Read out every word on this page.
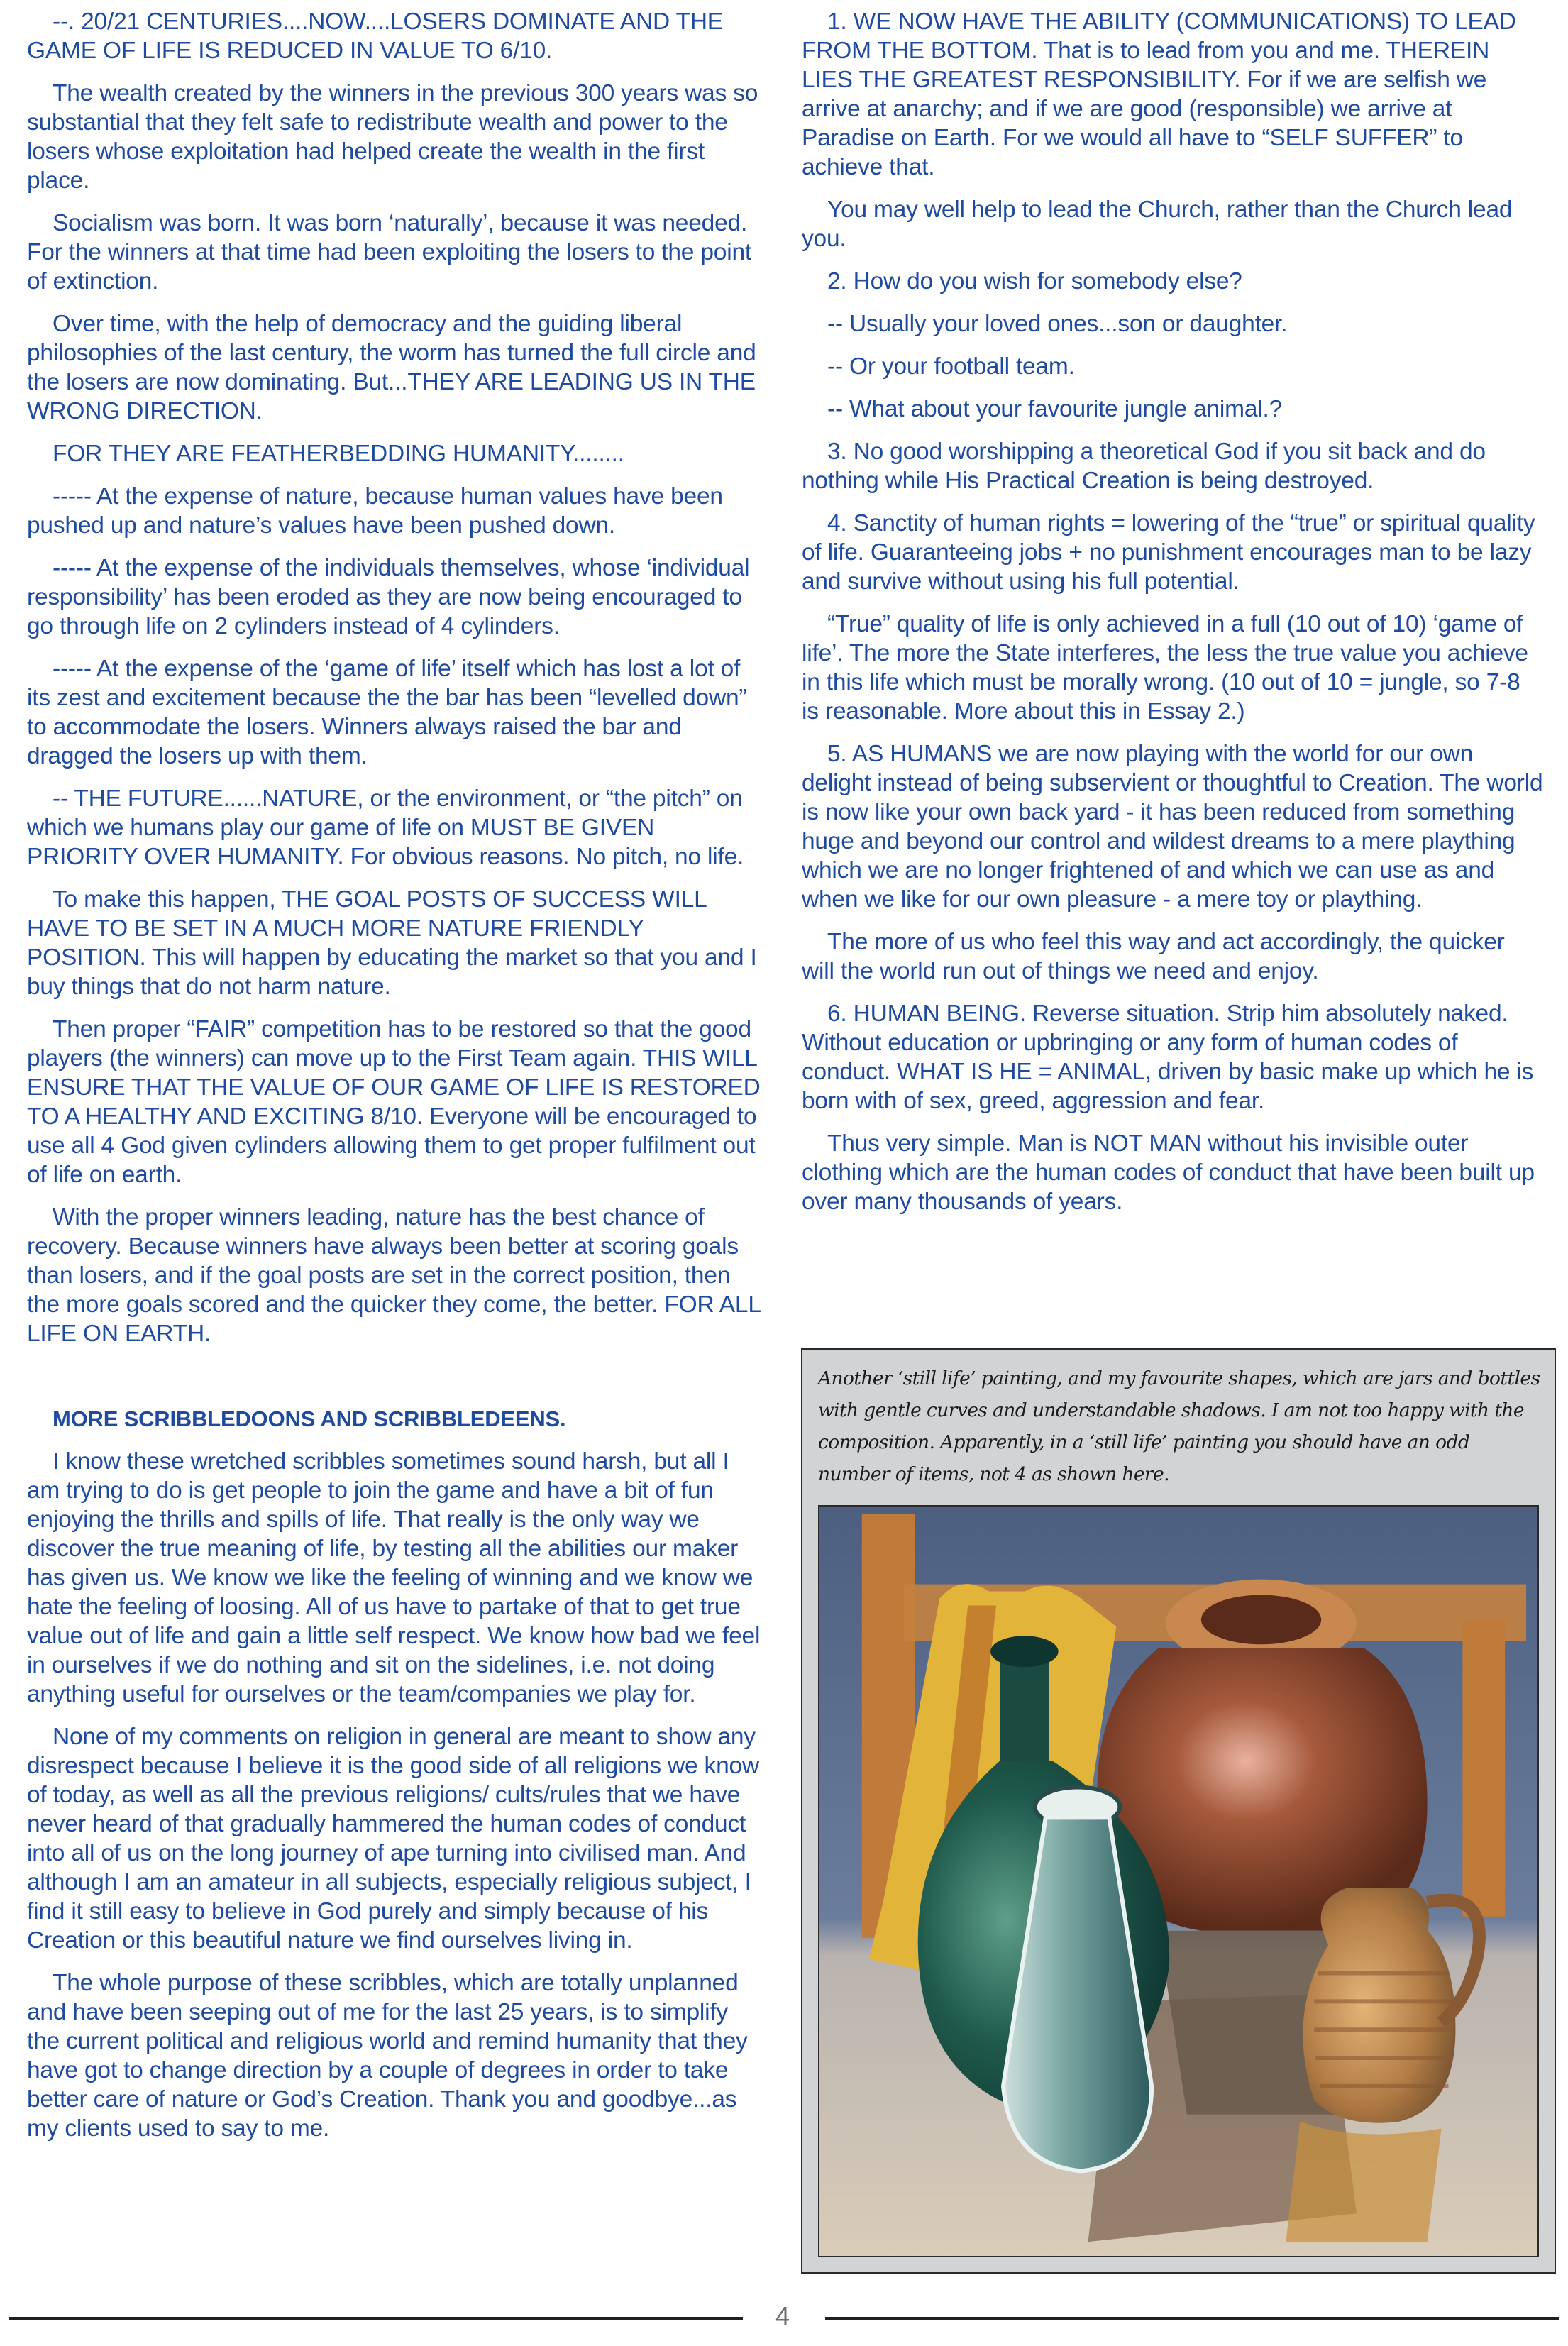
--. 20/21 CENTURIES....NOW....LOSERS DOMINATE AND THE GAME OF LIFE IS REDUCED IN VALUE TO 6/10.

The wealth created by the winners in the previous 300 years was so substantial that they felt safe to redistribute wealth and power to the losers whose exploitation had helped create the wealth in the first place.

Socialism was born. It was born ‘naturally’, because it was needed. For the winners at that time had been exploiting the losers to the point of extinction.

Over time, with the help of democracy and the guiding liberal philosophies of the last century, the worm has turned the full circle and the losers are now dominating. But...THEY ARE LEADING US IN THE WRONG DIRECTION.

FOR THEY ARE FEATHERBEDDING HUMANITY........

----- At the expense of nature, because human values have been pushed up and nature’s values have been pushed down.

----- At the expense of the individuals themselves, whose ‘individual responsibility’ has been eroded as they are now being encouraged to go through life on 2 cylinders instead of 4 cylinders.

----- At the expense of the ‘game of life’ itself which has lost a lot of its zest and excitement because the the bar has been “levelled down” to accommodate the losers. Winners always raised the bar and dragged the losers up with them.

-- THE FUTURE......NATURE, or the environment, or “the pitch” on which we humans play our game of life on MUST BE GIVEN PRIORITY OVER HUMANITY. For obvious reasons. No pitch, no life.

To make this happen, THE GOAL POSTS OF SUCCESS WILL HAVE TO BE SET IN A MUCH MORE NATURE FRIENDLY POSITION. This will happen by educating the market so that you and I buy things that do not harm nature.

Then proper “FAIR” competition has to be restored so that the good players (the winners) can move up to the First Team again. THIS WILL ENSURE THAT THE VALUE OF OUR GAME OF LIFE IS RESTORED TO A HEALTHY AND EXCITING 8/10. Everyone will be encouraged to use all 4 God given cylinders allowing them to get proper fulfilment out of life on earth.

With the proper winners leading, nature has the best chance of recovery. Because winners have always been better at scoring goals than losers, and if the goal posts are set in the correct position, then the more goals scored and the quicker they come, the better. FOR ALL LIFE ON EARTH.

MORE SCRIBBLEDOONS AND SCRIBBLEDEENS.

I know these wretched scribbles sometimes sound harsh, but all I am trying to do is get people to join the game and have a bit of fun enjoying the thrills and spills of life. That really is the only way we discover the true meaning of life, by testing all the abilities our maker has given us. We know we like the feeling of winning and we know we hate the feeling of loosing. All of us have to partake of that to get true value out of life and gain a little self respect. We know how bad we feel in ourselves if we do nothing and sit on the sidelines, i.e. not doing anything useful for ourselves or the team/companies we play for.

None of my comments on religion in general are meant to show any disrespect because I believe it is the good side of all religions we know of today, as well as all the previous religions/ cults/rules that we have never heard of that gradually hammered the human codes of conduct into all of us on the long journey of ape turning into civilised man. And although I am an amateur in all subjects, especially religious subject, I find it still easy to believe in God purely and simply because of his Creation or this beautiful nature we find ourselves living in.

The whole purpose of these scribbles, which are totally unplanned and have been seeping out of me for the last 25 years, is to simplify the current political and religious world and remind humanity that they have got to change direction by a couple of degrees in order to take better care of nature or God’s Creation. Thank you and goodbye...as my clients used to say to me.

1. WE NOW HAVE THE ABILITY (COMMUNICATIONS) TO LEAD FROM THE BOTTOM. That is to lead from you and me. THEREIN LIES THE GREATEST RESPONSIBILITY. For if we are selfish we arrive at anarchy; and if we are good (responsible) we arrive at Paradise on Earth. For we would all have to “SELF SUFFER” to achieve that.

You may well help to lead the Church, rather than the Church lead you.

2. How do you wish for somebody else?

-- Usually your loved ones...son or daughter.

-- Or your football team.

-- What about your favourite jungle animal.?

3. No good worshipping a theoretical God if you sit back and do nothing while His Practical Creation is being destroyed.

4. Sanctity of human rights = lowering of the “true” or spiritual quality of life. Guaranteeing jobs + no punishment encourages man to be lazy and survive without using his full potential.

“True” quality of life is only achieved in a full (10 out of 10) ‘game of life’. The more the State interferes, the less the true value you achieve in this life which must be morally wrong. (10 out of 10 = jungle, so 7-8 is reasonable. More about this in Essay 2.)

5. AS HUMANS we are now playing with the world for our own delight instead of being subservient or thoughtful to Creation. The world is now like your own back yard - it has been reduced from something huge and beyond our control and wildest dreams to a mere plaything which we are no longer frightened of and which we can use as and when we like for our own pleasure - a mere toy or plaything.

The more of us who feel this way and act accordingly, the quicker will the world run out of things we need and enjoy.

6. HUMAN BEING. Reverse situation. Strip him absolutely naked. Without education or upbringing or any form of human codes of conduct. WHAT IS HE = ANIMAL, driven by basic make up which he is born with of sex, greed, aggression and fear.

Thus very simple. Man is NOT MAN without his invisible outer clothing which are the human codes of conduct that have been built up over many thousands of years.

Another ‘still life’ painting, and my favourite shapes, which are jars and bottles with gentle curves and understandable shadows. I am not too happy with the composition. Apparently, in a ‘still life’ painting you should have an odd number of items, not 4 as shown here.
4
